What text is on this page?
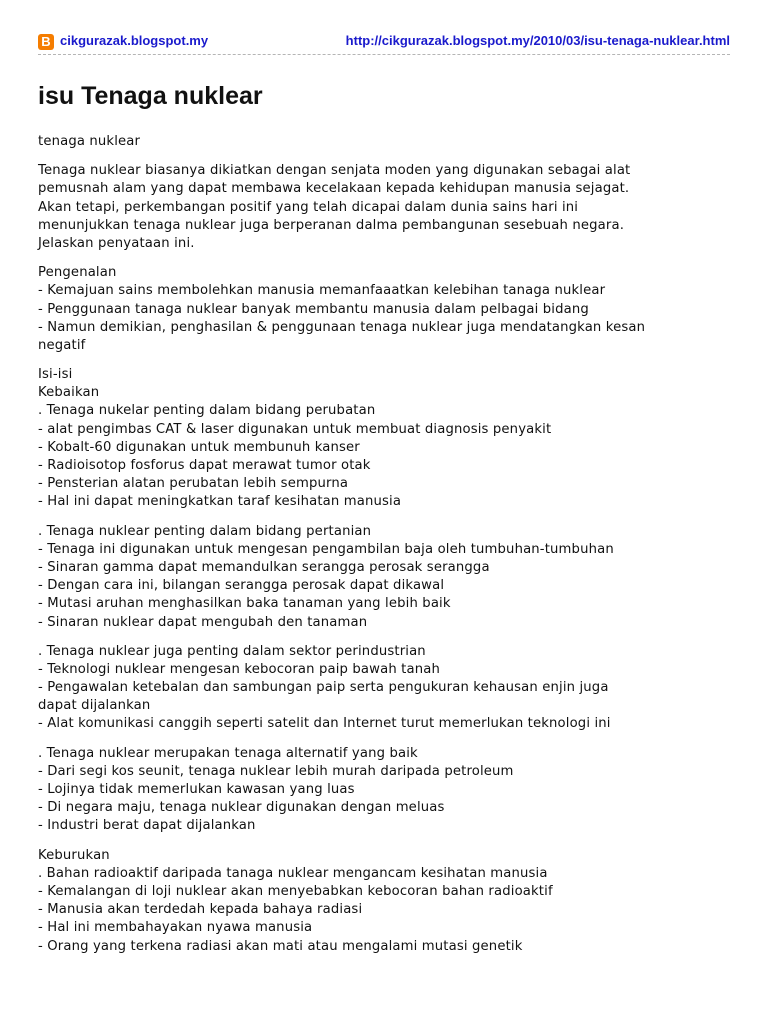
B cikgurazak.blogspot.my	http://cikgurazak.blogspot.my/2010/03/isu-tenaga-nuklear.html
isu Tenaga nuklear
tenaga nuklear
Tenaga nuklear biasanya dikiatkan dengan senjata moden yang digunakan sebagai alat
pemusnah alam yang dapat membawa kecelakaan kepada kehidupan manusia sejagat.
Akan tetapi, perkembangan positif yang telah dicapai dalam dunia sains hari ini
menunjukkan tenaga nuklear juga berperanan dalma pembangunan sesebuah negara.
Jelaskan penyataan ini.
Pengenalan
- Kemajuan sains membolehkan manusia memanfaaatkan kelebihan tanaga nuklear
- Penggunaan tanaga nuklear banyak membantu manusia dalam pelbagai bidang
- Namun demikian, penghasilan & penggunaan tenaga nuklear juga mendatangkan kesan
negatif
Isi-isi
Kebaikan
. Tenaga nukelar penting dalam bidang perubatan
- alat pengimbas CAT & laser digunakan untuk membuat diagnosis penyakit
- Kobalt-60 digunakan untuk membunuh kanser
- Radioisotop fosforus dapat merawat tumor otak
- Pensterian alatan perubatan lebih sempurna
- Hal ini dapat meningkatkan taraf kesihatan manusia
. Tenaga nuklear penting dalam bidang pertanian
- Tenaga ini digunakan untuk mengesan pengambilan baja oleh tumbuhan-tumbuhan
- Sinaran gamma dapat memandulkan serangga perosak serangga
- Dengan cara ini, bilangan serangga perosak dapat dikawal
- Mutasi aruhan menghasilkan baka tanaman yang lebih baik
- Sinaran nuklear dapat mengubah den tanaman
. Tenaga nuklear juga penting dalam sektor perindustrian
- Teknologi nuklear mengesan kebocoran paip bawah tanah
- Pengawalan ketebalan dan sambungan paip serta pengukuran kehausan enjin juga
dapat dijalankan
- Alat komunikasi canggih seperti satelit dan Internet turut memerlukan teknologi ini
. Tenaga nuklear merupakan tenaga alternatif yang baik
- Dari segi kos seunit, tenaga nuklear lebih murah daripada petroleum
- Lojinya tidak memerlukan kawasan yang luas
- Di negara maju, tenaga nuklear digunakan dengan meluas
- Industri berat dapat dijalankan
Keburukan
. Bahan radioaktif daripada tanaga nuklear mengancam kesihatan manusia
- Kemalangan di loji nuklear akan menyebabkan kebocoran bahan radioaktif
- Manusia akan terdedah kepada bahaya radiasi
- Hal ini membahayakan nyawa manusia
- Orang yang terkena radiasi akan mati atau mengalami mutasi genetik
